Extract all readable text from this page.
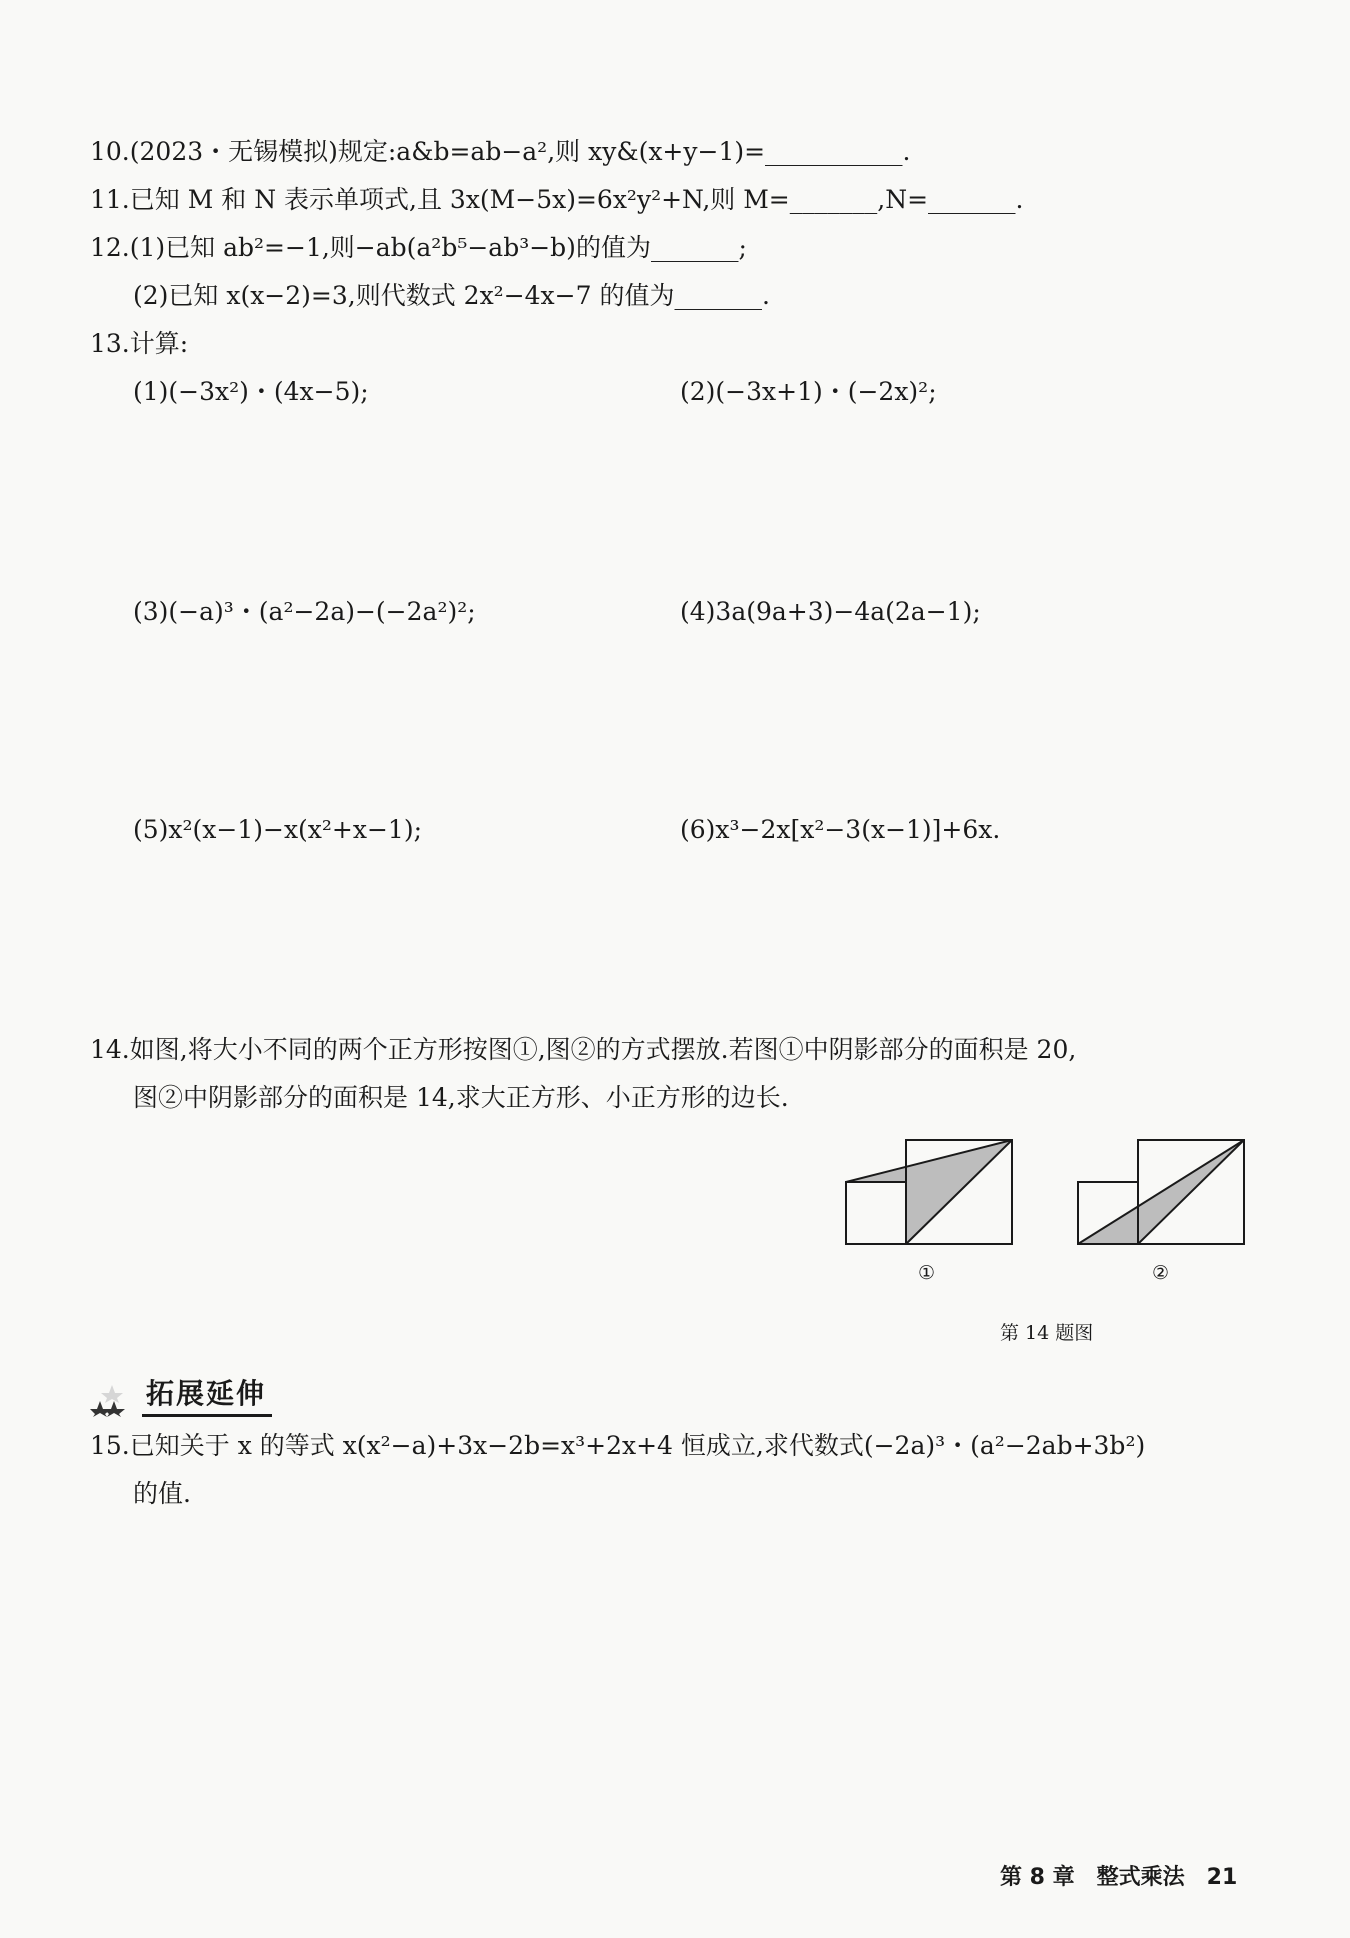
10.(2023・无锡模拟)规定:a&b=ab−a²,则 xy&(x+y−1)=___________.
11.已知 M 和 N 表示单项式,且 3x(M−5x)=6x²y²+N,则 M=_______,N=_______.
12.(1)已知 ab²=−1,则−ab(a²b⁵−ab³−b)的值为_______;
(2)已知 x(x−2)=3,则代数式 2x²−4x−7 的值为_______.
13.计算:
(1)(−3x²)・(4x−5);	(2)(−3x+1)・(−2x)²;
(3)(−a)³・(a²−2a)−(−2a²)²;	(4)3a(9a+3)−4a(2a−1);
(5)x²(x−1)−x(x²+x−1);	(6)x³−2x[x²−3(x−1)]+6x.
14.如图,将大小不同的两个正方形按图①,图②的方式摆放.若图①中阴影部分的面积是 20,
图②中阴影部分的面积是 14,求大正方形、小正方形的边长.
①	②
第 14 题图
拓展延伸
15.已知关于 x 的等式 x(x²−a)+3x−2b=x³+2x+4 恒成立,求代数式(−2a)³・(a²−2ab+3b²)
的值.
第 8 章 整式乘法 21
